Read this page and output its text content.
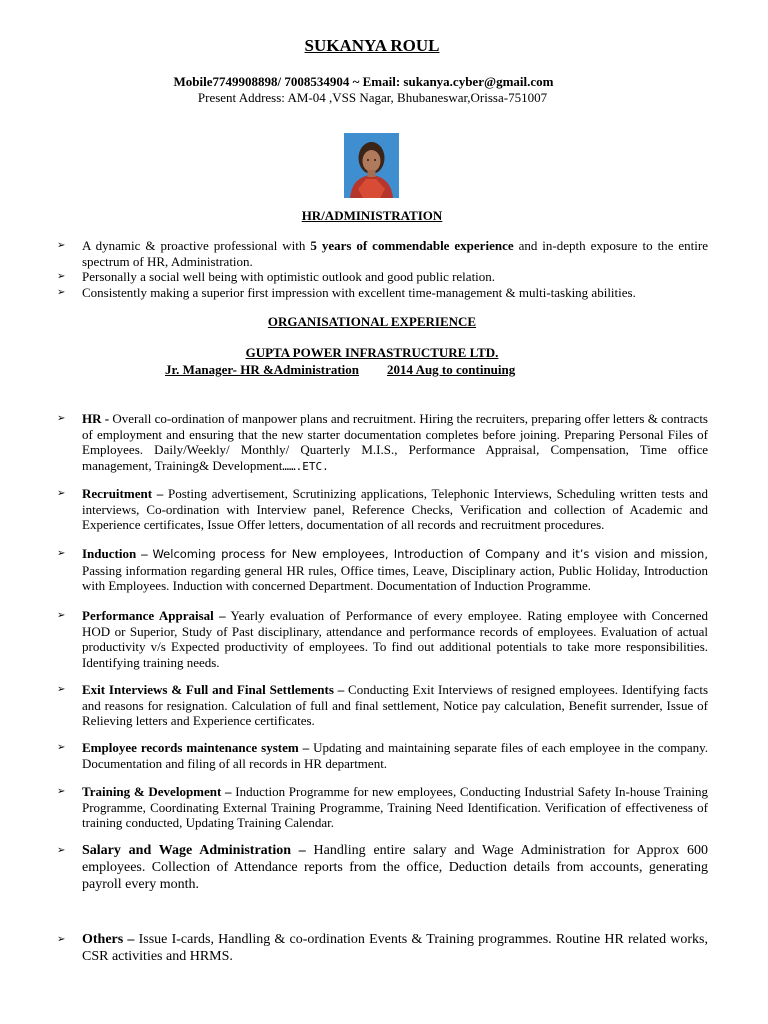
SUKANYA ROUL
Mobile7749908898/ 7008534904 ~ Email: sukanya.cyber@gmail.com
Present Address: AM-04 ,VSS Nagar, Bhubaneswar,Orissa-751007
HR/ADMINISTRATION
➢ A dynamic & proactive professional with 5 years of commendable experience and in-depth exposure to the entire spectrum of HR, Administration.
➢ Personally a social well being with optimistic outlook and good public relation.
➢ Consistently making a superior first impression with excellent time-management & multi-tasking abilities.
ORGANISATIONAL EXPERIENCE
GUPTA POWER INFRASTRUCTURE LTD.
Jr. Manager- HR &Administration 2014 Aug to continuing
➢ HR - Overall co-ordination of manpower plans and recruitment. Hiring the recruiters, preparing offer letters & contracts of employment and ensuring that the new starter documentation completes before joining. Preparing Personal Files of Employees. Daily/Weekly/ Monthly/ Quarterly M.I.S., Performance Appraisal, Compensation, Time office management, Training& Development…….ETC.
➢ Recruitment – Posting advertisement, Scrutinizing applications, Telephonic Interviews, Scheduling written tests and interviews, Co-ordination with Interview panel, Reference Checks, Verification and collection of Academic and Experience certificates, Issue Offer letters, documentation of all records and recruitment procedures.
➢ Induction – Welcoming process for New employees, Introduction of Company and it’s vision and mission, Passing information regarding general HR rules, Office times, Leave, Disciplinary action, Public Holiday, Introduction with Employees. Induction with concerned Department. Documentation of Induction Programme.
➢ Performance Appraisal – Yearly evaluation of Performance of every employee. Rating employee with Concerned HOD or Superior, Study of Past disciplinary, attendance and performance records of employees. Evaluation of actual productivity v/s Expected productivity of employees. To find out additional potentials to take more responsibilities. Identifying training needs.
➢ Exit Interviews & Full and Final Settlements – Conducting Exit Interviews of resigned employees. Identifying facts and reasons for resignation. Calculation of full and final settlement, Notice pay calculation, Benefit surrender, Issue of Relieving letters and Experience certificates.
➢ Employee records maintenance system – Updating and maintaining separate files of each employee in the company. Documentation and filing of all records in HR department.
➢ Training & Development – Induction Programme for new employees, Conducting Industrial Safety In-house Training Programme, Coordinating External Training Programme, Training Need Identification. Verification of effectiveness of training conducted, Updating Training Calendar.
➢ Salary and Wage Administration – Handling entire salary and Wage Administration for Approx 600 employees. Collection of Attendance reports from the office, Deduction details from accounts, generating payroll every month.
➢ Others – Issue I-cards, Handling & co-ordination Events & Training programmes. Routine HR related works, CSR activities and HRMS.
